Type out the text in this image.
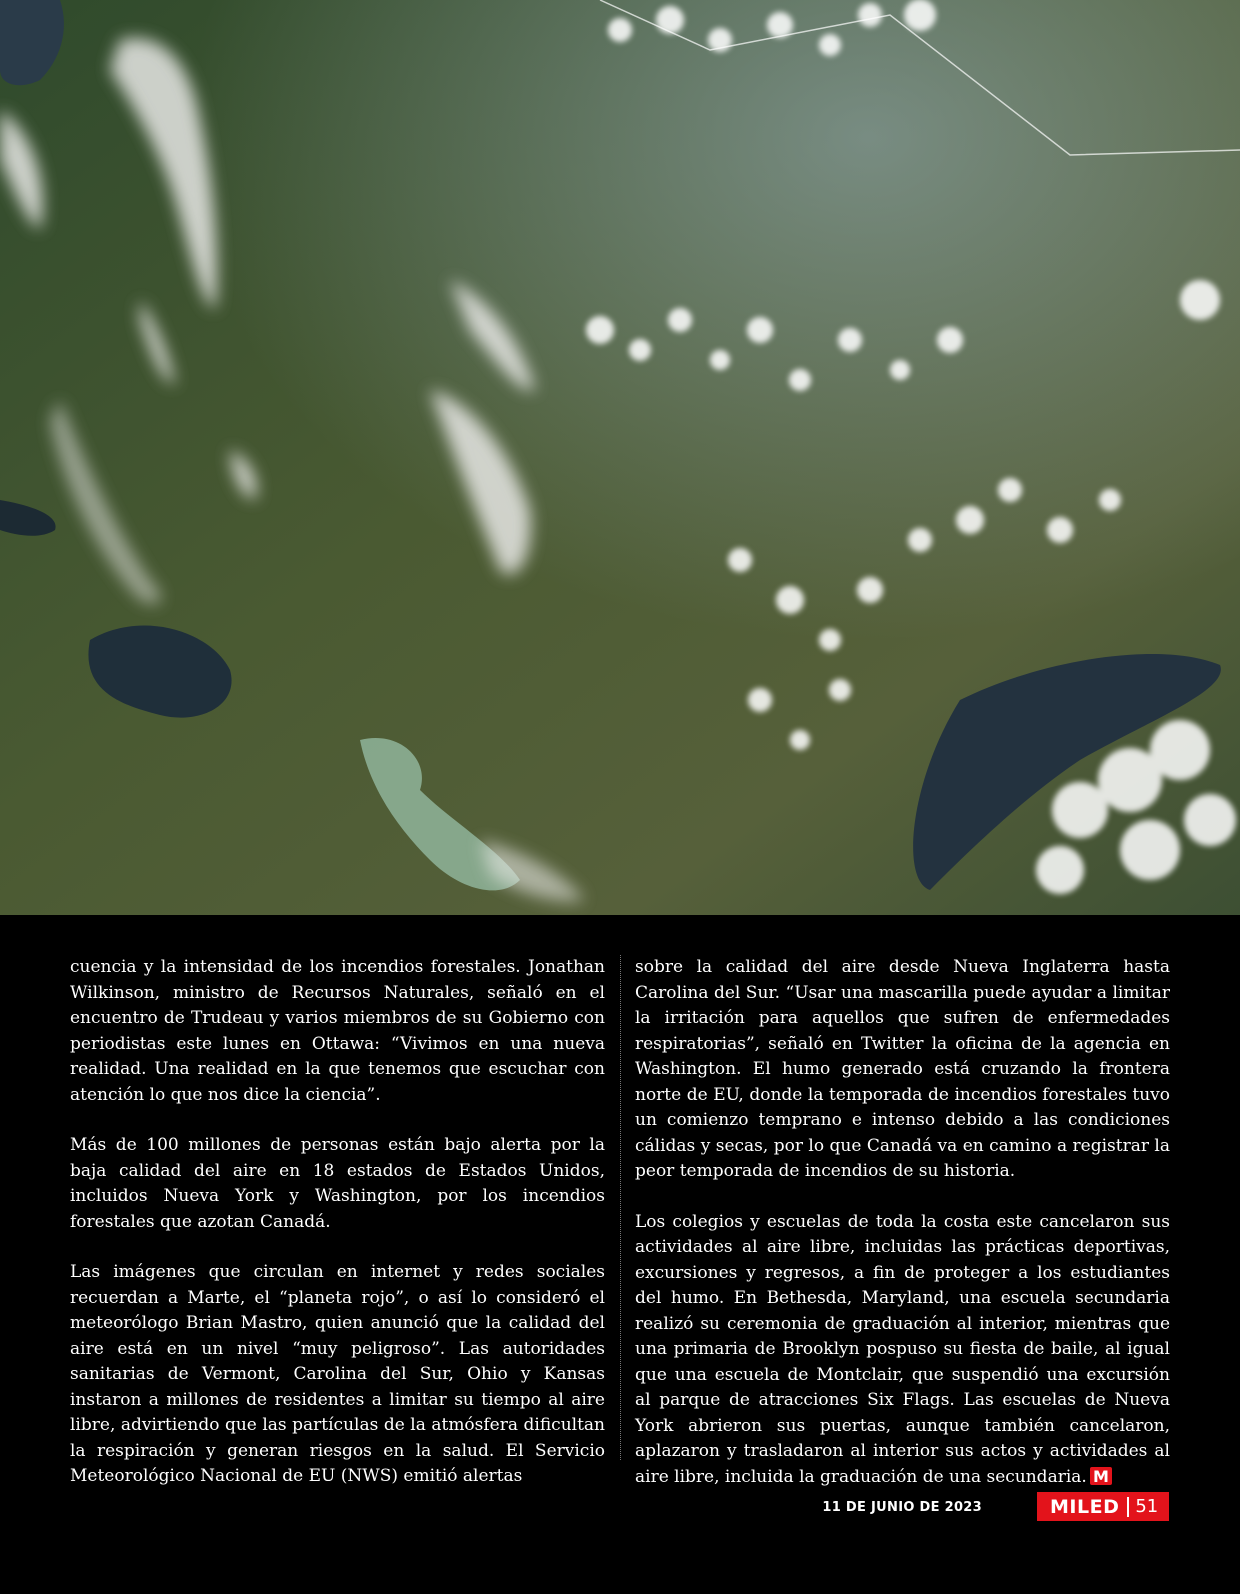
cuencia y la intensidad de los incendios forestales. Jonathan Wilkinson, ministro de Recursos Naturales, señaló en el encuentro de Trudeau y varios miembros de su Gobierno con periodistas este lunes en Ottawa: “Vivimos en una nueva realidad. Una realidad en la que tenemos que escuchar con atención lo que nos dice la ciencia”.

Más de 100 millones de personas están bajo alerta por la baja calidad del aire en 18 estados de Estados Unidos, incluidos Nueva York y Washington, por los incendios forestales que azotan Canadá.

Las imágenes que circulan en internet y redes sociales recuerdan a Marte, el “planeta rojo”, o así lo consideró el meteorólogo Brian Mastro, quien anunció que la calidad del aire está en un nivel “muy peligroso”. Las autoridades sanitarias de Vermont, Carolina del Sur, Ohio y Kansas instaron a millones de residentes a limitar su tiempo al aire libre, advirtiendo que las partículas de la atmósfera dificultan la respiración y generan riesgos en la salud. El Servicio Meteorológico Nacional de EU (NWS) emitió alertas

sobre la calidad del aire desde Nueva Inglaterra hasta Carolina del Sur. “Usar una mascarilla puede ayudar a limitar la irritación para aquellos que sufren de enfermedades respiratorias”, señaló en Twitter la oficina de la agencia en Washington. El humo generado está cruzando la frontera norte de EU, donde la temporada de incendios forestales tuvo un comienzo temprano e intenso debido a las condiciones cálidas y secas, por lo que Canadá va en camino a registrar la peor temporada de incendios de su historia.

Los colegios y escuelas de toda la costa este cancelaron sus actividades al aire libre, incluidas las prácticas deportivas, excursiones y regresos, a fin de proteger a los estudiantes del humo. En Bethesda, Maryland, una escuela secundaria realizó su ceremonia de graduación al interior, mientras que una primaria de Brooklyn pospuso su fiesta de baile, al igual que una escuela de Montclair, que suspendió una excursión al parque de atracciones Six Flags. Las escuelas de Nueva York abrieron sus puertas, aunque también cancelaron, aplazaron y trasladaron al interior sus actos y actividades al aire libre, incluida la graduación de una secundaria. M

11 DE JUNIO DE 2023	MILED 51
